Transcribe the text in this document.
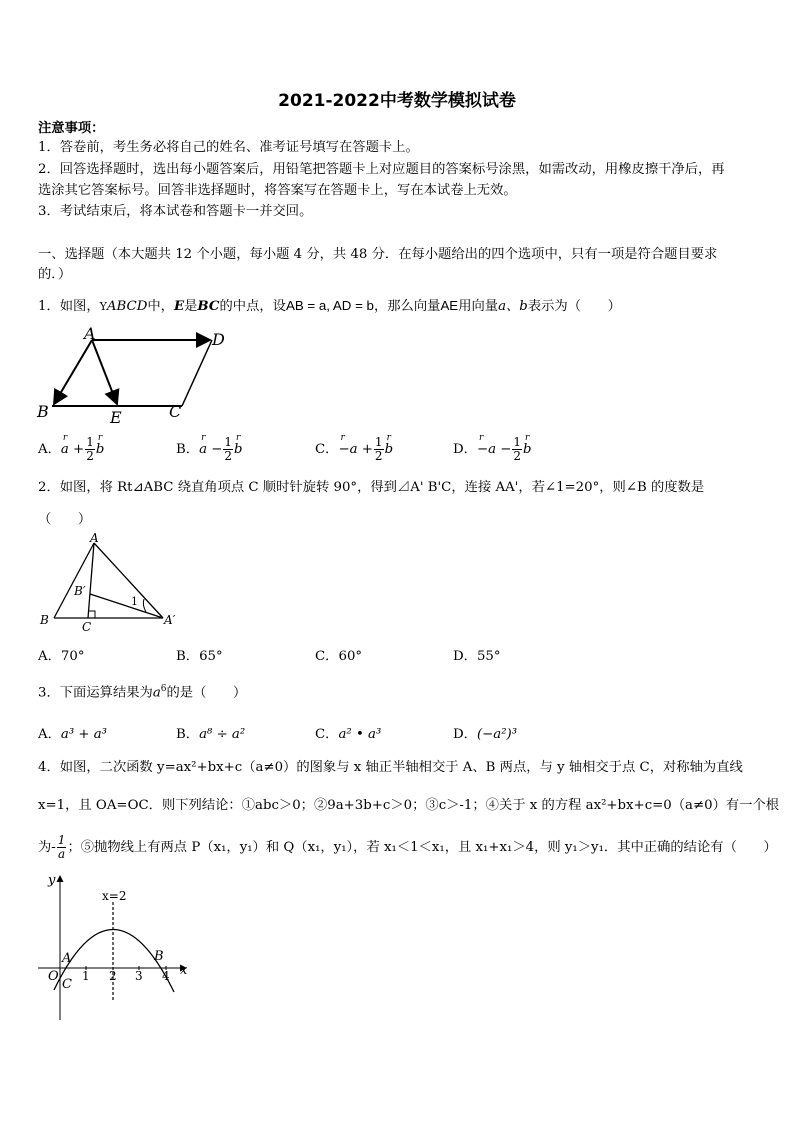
2021-2022中考数学模拟试卷
注意事项：
1．答卷前，考生务必将自己的姓名、准考证号填写在答题卡上。
2．回答选择题时，选出每小题答案后，用铅笔把答题卡上对应题目的答案标号涂黑，如需改动，用橡皮擦干净后，再
选涂其它答案标号。回答非选择题时，将答案写在答题卡上，写在本试卷上无效。
3．考试结束后，将本试卷和答题卡一并交回。
一、选择题（本大题共 12 个小题，每小题 4 分，共 48 分．在每小题给出的四个选项中，只有一项是符合题目要求
的．）
1．如图，YABCD中，E是BC的中点，设AB = a, AD = b，那么向量AE用向量a、b表示为（　　）
A	D
B	E	C
A．r $a + \frac{1}{2}$ r b	B．r $a - \frac{1}{2}$ r b	C．$r -a + \frac{1}{2}$ r b	D．$r -a - \frac{1}{2}$ r b
2．如图，将 Rt⊿ABC 绕直角项点 C 顺时针旋转 90°，得到⊿A' B'C，连接 AA'，若∠1=20°，则∠B 的度数是
（　　）
A
B
B′
C	A′
1
A．70°	B．65°	C．60°	D．55°
3．下面运算结果为$a^6$的是（　　）
A．a³ + a³	B．a⁸ ÷ a²	C．a² • a³	D．(−a²)³
4．如图，二次函数 y=ax²+bx+c（a≠0）的图象与 x 轴正半轴相交于 A、B 两点，与 y 轴相交于点 C，对称轴为直线
x=1，且 OA=OC．则下列结论：①abc＞0；②9a+3b+c＞0；③c＞-1；④关于 x 的方程 ax²+bx+c=0（a≠0）有一个根
为- $\frac{1}{a}$ ；⑤抛物线上有两点 P（x₁，y₁）和 Q（x₁，y₁），若 x₁＜1＜x₁，且 x₁+x₁＞4，则 y₁＞y₁．其中正确的结论有（　　）
y
x
x=2
O
A	B
C
1 2 3 4
